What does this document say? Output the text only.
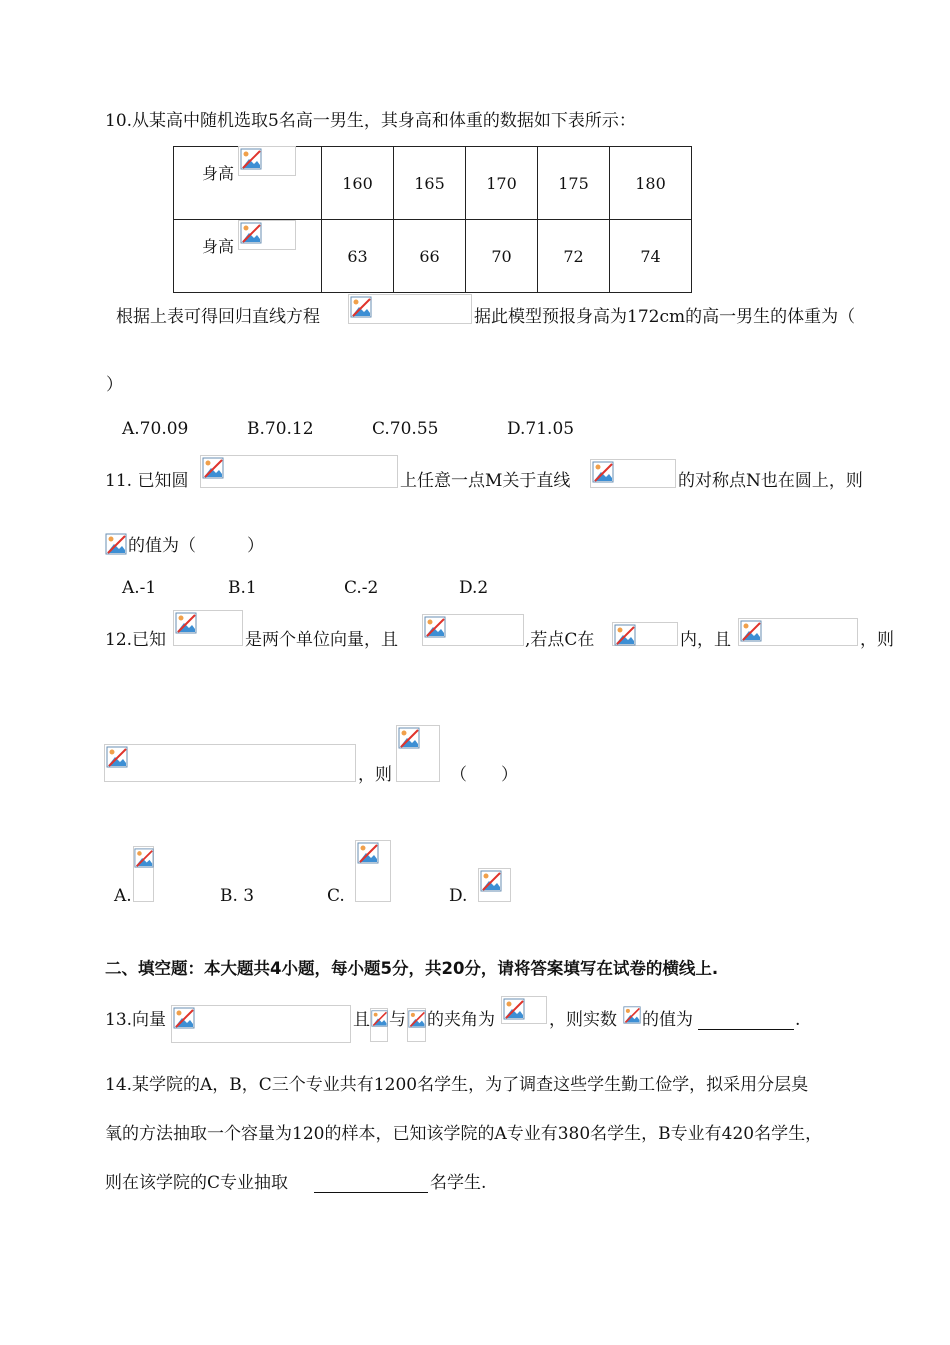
10.从某高中随机选取5名高一男生，其身高和体重的数据如下表所示：
身高	160	165	170	175	180

身高	63	66	70	72	74
根据上表可得回归直线方程	据此模型预报身高为172cm的高一男生的体重为（
）
A.70.09	B.70.12	C.70.55	D.71.05
11. 已知圆	上任意一点M关于直线	的对称点N也在圆上，则
的值为（　　　）
A.-1	B.1	C.-2	D.2
12.已知	是两个单位向量，且	,若点C在	内，且	，则
，则	（　　）
A.	B. 3	C.	D.
二、填空题：本大题共4小题，每小题5分，共20分，请将答案填写在试卷的横线上.
13.向量	且 与 的夹角为	，则实数 的值为	.
14.某学院的A，B，C三个专业共有1200名学生，为了调查这些学生勤工俭学，拟采用分层臭
氧的方法抽取一个容量为120的样本，已知该学院的A专业有380名学生，B专业有420名学生，
则在该学院的C专业抽取	名学生.
